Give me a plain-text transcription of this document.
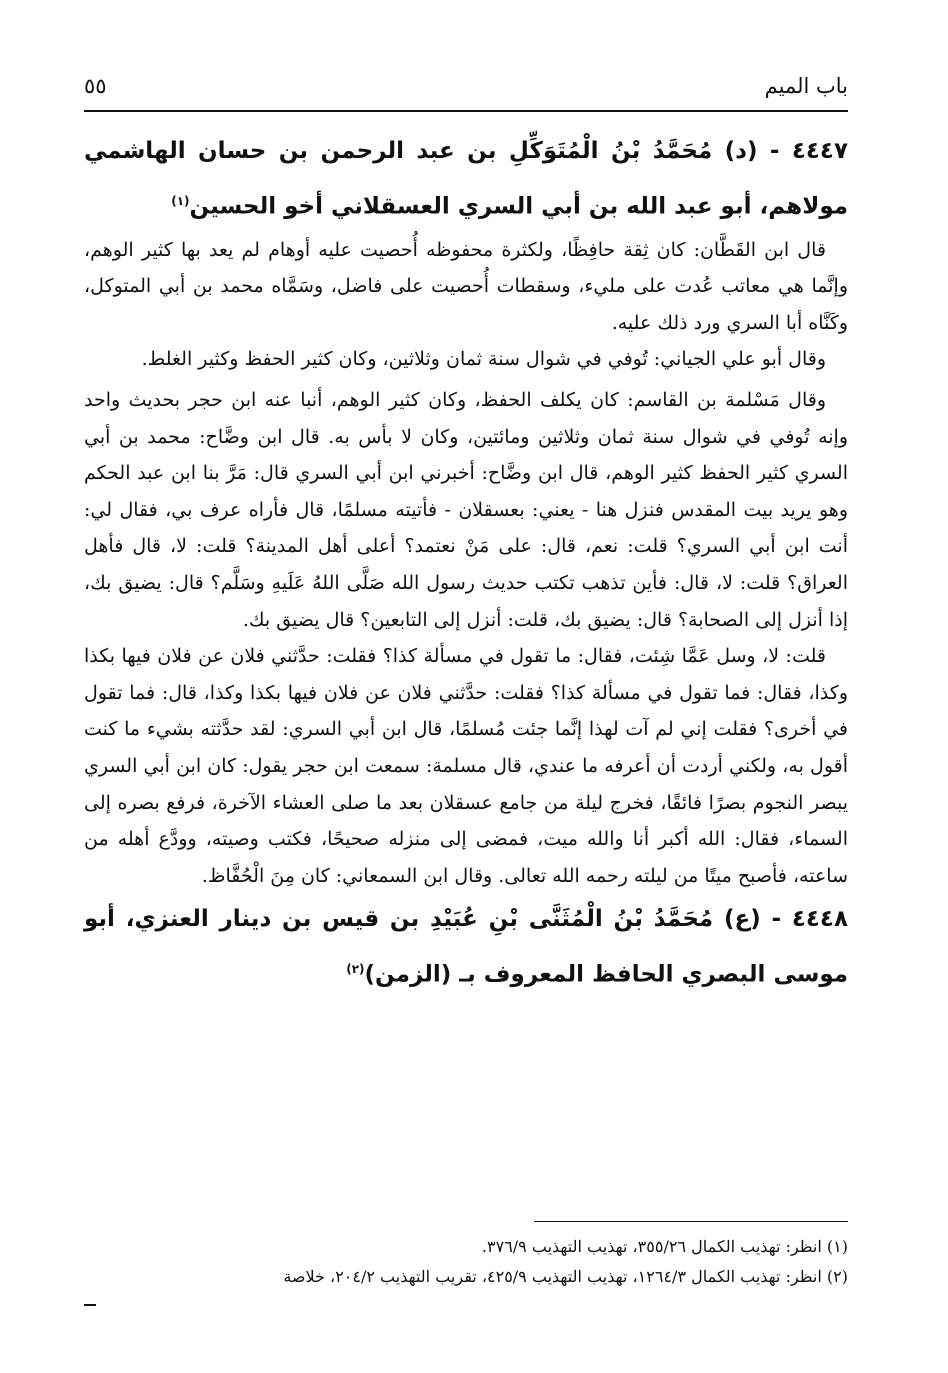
باب الميم
٥٥

٤٤٤٧ - (د) مُحَمَّدُ بْنُ الْمُتَوَكِّلِ بن عبد الرحمن بن حسان الهاشمي مولاهم، أبو عبد الله بن أبي السري العسقلاني أخو الحسين$^{(١)}$

قال ابن القَطَّان: كان ثِقة حافِظًا، ولكثرة محفوظه أُحصيت عليه أوهام لم يعد بها كثير الوهم، وإنَّما هي معاتب عُدت على مليء، وسقطات أُحصيت على فاضل، وسَمَّاه محمد بن أبي المتوكل، وكَنَّاه أبا السري ورد ذلك عليه.

وقال أبو علي الجياني: تُوفي في شوال سنة ثمان وثلاثين، وكان كثير الحفظ وكثير الغلط.

وقال مَسْلمة بن القاسم: كان يكلف الحفظ، وكان كثير الوهم، أنبا عنه ابن حجر بحديث واحد وإنه تُوفي في شوال سنة ثمان وثلاثين ومائتين، وكان لا بأس به. قال ابن وضَّاح: محمد بن أبي السري كثير الحفظ كثير الوهم، قال ابن وضَّاح: أخبرني ابن أبي السري قال: مَرَّ بنا ابن عبد الحكم وهو يريد بيت المقدس فنزل هنا - يعني: بعسقلان - فأتيته مسلمًا، قال فأراه عرف بي، فقال لي: أنت ابن أبي السري؟ قلت: نعم، قال: على مَنْ نعتمد؟ أعلى أهل المدينة؟ قلت: لا، قال فأهل العراق؟ قلت: لا، قال: فأين تذهب تكتب حديث رسول الله صَلَّى اللهُ عَلَيهِ وسَلَّم؟ قال: يضيق بك، إذا أنزل إلى الصحابة؟ قال: يضيق بك، قلت: أنزل إلى التابعين؟ قال يضيق بك.

قلت: لا، وسل عَمَّا شِئت، فقال: ما تقول في مسألة كذا؟ فقلت: حدَّثني فلان عن فلان فيها بكذا وكذا، فقال: فما تقول في مسألة كذا؟ فقلت: حدَّثني فلان عن فلان فيها بكذا وكذا، قال: فما تقول في أخرى؟ فقلت إني لم آت لهذا إنَّما جئت مُسلمًا، قال ابن أبي السري: لقد حدَّثته بشيء ما كنت أقول به، ولكني أردت أن أعرفه ما عندي، قال مسلمة: سمعت ابن حجر يقول: كان ابن أبي السري يبصر النجوم بصرًا فائقًا، فخرج ليلة من جامع عسقلان بعد ما صلى العشاء الآخرة، فرفع بصره إلى السماء، فقال: الله أكبر أنا والله ميت، فمضى إلى منزله صحيحًا، فكتب وصيته، وودَّع أهله من ساعته، فأصبح ميتًا من ليلته رحمه الله تعالى. وقال ابن السمعاني: كان مِنَ الْحُفَّاظ.

٤٤٤٨ - (ع) مُحَمَّدُ بْنُ الْمُثَنَّى بْنِ عُبَيْدِ بن قيس بن دينار العنزي، أبو موسى البصري الحافظ المعروف بـ (الزمن)$^{(٢)}$

(١) انظر: تهذيب الكمال ٣٥٥/٢٦، تهذيب التهذيب ٣٧٦/٩.

(٢) انظر: تهذيب الكمال ١٢٦٤/٣، تهذيب التهذيب ٤٢٥/٩، تقريب التهذيب ٢٠٤/٢، خلاصة
